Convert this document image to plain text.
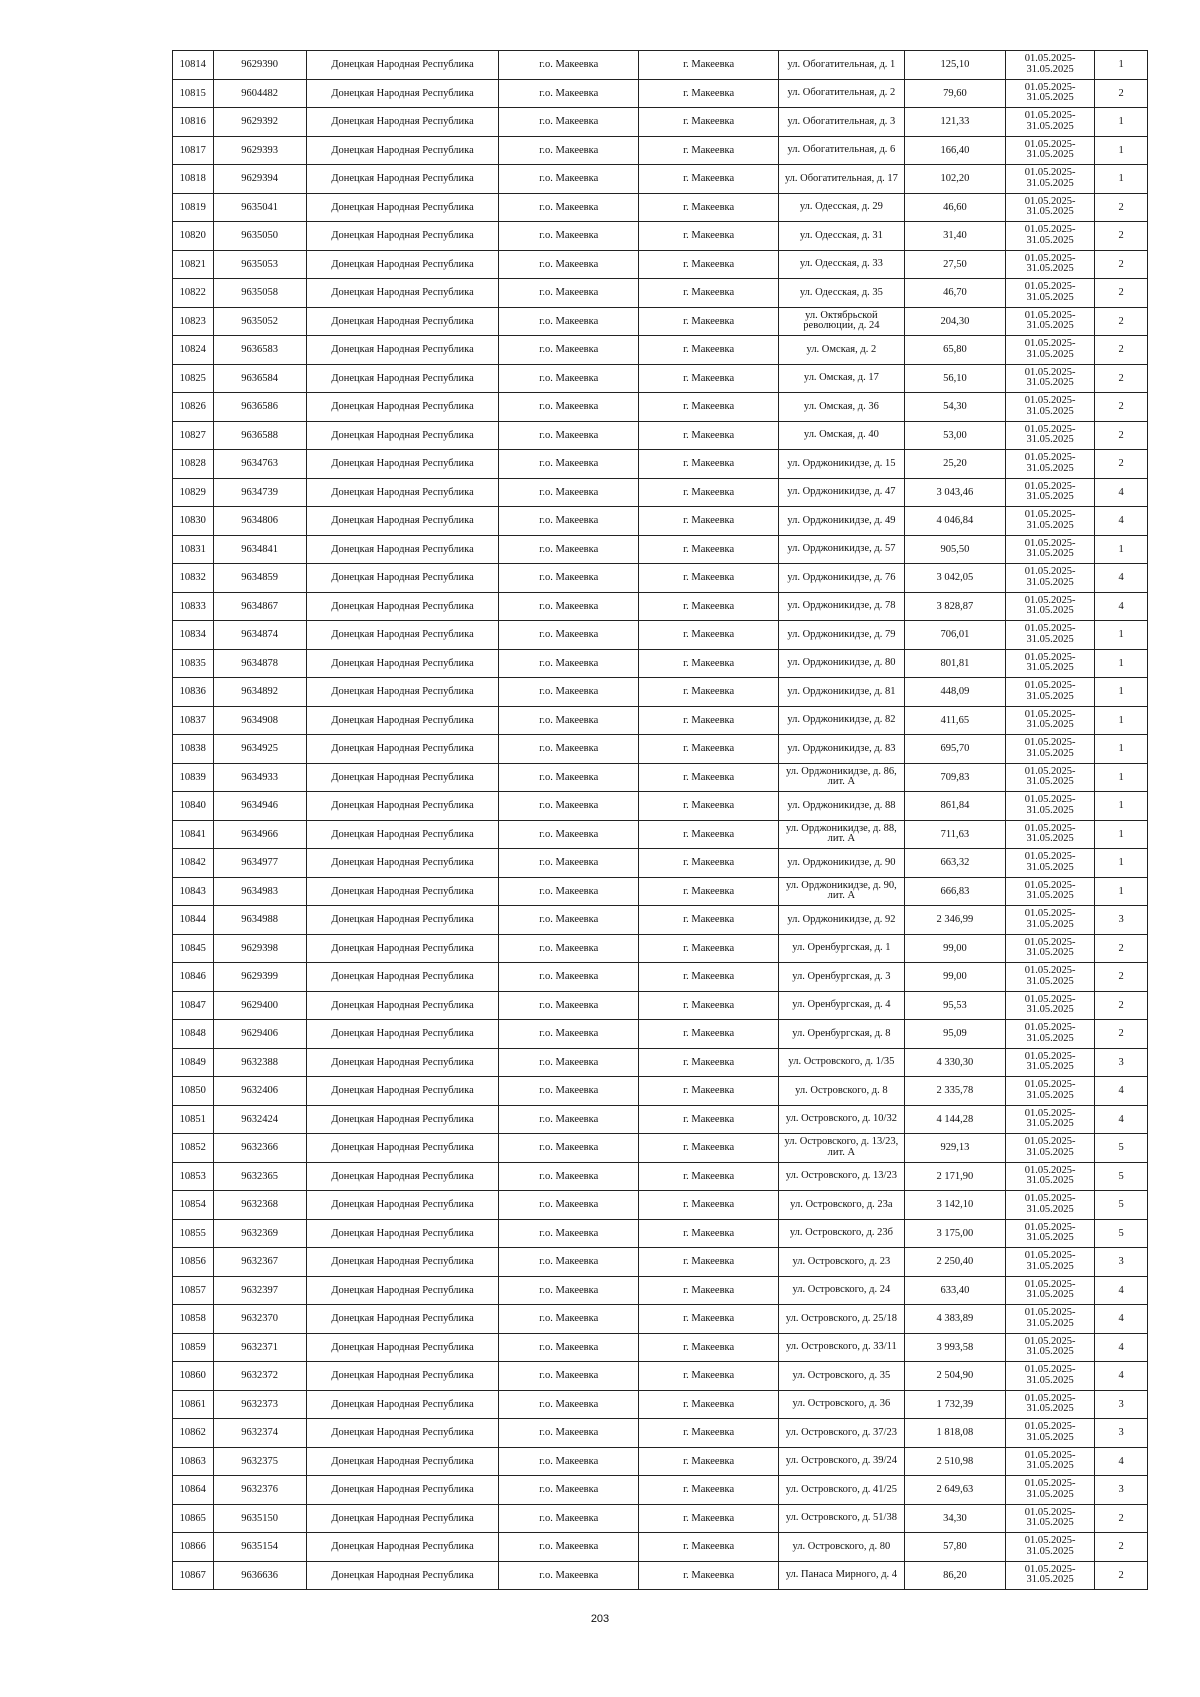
10814	9629390	Донецкая Народная Республика	г.о. Макеевка	г. Макеевка	ул. Обогатительная, д. 1	125,10	01.05.2025-31.05.2025	1
10815	9604482	Донецкая Народная Республика	г.о. Макеевка	г. Макеевка	ул. Обогатительная, д. 2	79,60	01.05.2025-31.05.2025	2
10816	9629392	Донецкая Народная Республика	г.о. Макеевка	г. Макеевка	ул. Обогатительная, д. 3	121,33	01.05.2025-31.05.2025	1
10817	9629393	Донецкая Народная Республика	г.о. Макеевка	г. Макеевка	ул. Обогатительная, д. 6	166,40	01.05.2025-31.05.2025	1
10818	9629394	Донецкая Народная Республика	г.о. Макеевка	г. Макеевка	ул. Обогатительная, д. 17	102,20	01.05.2025-31.05.2025	1
10819	9635041	Донецкая Народная Республика	г.о. Макеевка	г. Макеевка	ул. Одесская, д. 29	46,60	01.05.2025-31.05.2025	2
10820	9635050	Донецкая Народная Республика	г.о. Макеевка	г. Макеевка	ул. Одесская, д. 31	31,40	01.05.2025-31.05.2025	2
10821	9635053	Донецкая Народная Республика	г.о. Макеевка	г. Макеевка	ул. Одесская, д. 33	27,50	01.05.2025-31.05.2025	2
10822	9635058	Донецкая Народная Республика	г.о. Макеевка	г. Макеевка	ул. Одесская, д. 35	46,70	01.05.2025-31.05.2025	2
10823	9635052	Донецкая Народная Республика	г.о. Макеевка	г. Макеевка	ул. Октябрьской революции, д. 24	204,30	01.05.2025-31.05.2025	2
10824	9636583	Донецкая Народная Республика	г.о. Макеевка	г. Макеевка	ул. Омская, д. 2	65,80	01.05.2025-31.05.2025	2
10825	9636584	Донецкая Народная Республика	г.о. Макеевка	г. Макеевка	ул. Омская, д. 17	56,10	01.05.2025-31.05.2025	2
10826	9636586	Донецкая Народная Республика	г.о. Макеевка	г. Макеевка	ул. Омская, д. 36	54,30	01.05.2025-31.05.2025	2
10827	9636588	Донецкая Народная Республика	г.о. Макеевка	г. Макеевка	ул. Омская, д. 40	53,00	01.05.2025-31.05.2025	2
10828	9634763	Донецкая Народная Республика	г.о. Макеевка	г. Макеевка	ул. Орджоникидзе, д. 15	25,20	01.05.2025-31.05.2025	2
10829	9634739	Донецкая Народная Республика	г.о. Макеевка	г. Макеевка	ул. Орджоникидзе, д. 47	3 043,46	01.05.2025-31.05.2025	4
10830	9634806	Донецкая Народная Республика	г.о. Макеевка	г. Макеевка	ул. Орджоникидзе, д. 49	4 046,84	01.05.2025-31.05.2025	4
10831	9634841	Донецкая Народная Республика	г.о. Макеевка	г. Макеевка	ул. Орджоникидзе, д. 57	905,50	01.05.2025-31.05.2025	1
10832	9634859	Донецкая Народная Республика	г.о. Макеевка	г. Макеевка	ул. Орджоникидзе, д. 76	3 042,05	01.05.2025-31.05.2025	4
10833	9634867	Донецкая Народная Республика	г.о. Макеевка	г. Макеевка	ул. Орджоникидзе, д. 78	3 828,87	01.05.2025-31.05.2025	4
10834	9634874	Донецкая Народная Республика	г.о. Макеевка	г. Макеевка	ул. Орджоникидзе, д. 79	706,01	01.05.2025-31.05.2025	1
10835	9634878	Донецкая Народная Республика	г.о. Макеевка	г. Макеевка	ул. Орджоникидзе, д. 80	801,81	01.05.2025-31.05.2025	1
10836	9634892	Донецкая Народная Республика	г.о. Макеевка	г. Макеевка	ул. Орджоникидзе, д. 81	448,09	01.05.2025-31.05.2025	1
10837	9634908	Донецкая Народная Республика	г.о. Макеевка	г. Макеевка	ул. Орджоникидзе, д. 82	411,65	01.05.2025-31.05.2025	1
10838	9634925	Донецкая Народная Республика	г.о. Макеевка	г. Макеевка	ул. Орджоникидзе, д. 83	695,70	01.05.2025-31.05.2025	1
10839	9634933	Донецкая Народная Республика	г.о. Макеевка	г. Макеевка	ул. Орджоникидзе, д. 86, лит. А	709,83	01.05.2025-31.05.2025	1
10840	9634946	Донецкая Народная Республика	г.о. Макеевка	г. Макеевка	ул. Орджоникидзе, д. 88	861,84	01.05.2025-31.05.2025	1
10841	9634966	Донецкая Народная Республика	г.о. Макеевка	г. Макеевка	ул. Орджоникидзе, д. 88, лит. А	711,63	01.05.2025-31.05.2025	1
10842	9634977	Донецкая Народная Республика	г.о. Макеевка	г. Макеевка	ул. Орджоникидзе, д. 90	663,32	01.05.2025-31.05.2025	1
10843	9634983	Донецкая Народная Республика	г.о. Макеевка	г. Макеевка	ул. Орджоникидзе, д. 90, лит. А	666,83	01.05.2025-31.05.2025	1
10844	9634988	Донецкая Народная Республика	г.о. Макеевка	г. Макеевка	ул. Орджоникидзе, д. 92	2 346,99	01.05.2025-31.05.2025	3
10845	9629398	Донецкая Народная Республика	г.о. Макеевка	г. Макеевка	ул. Оренбургская, д. 1	99,00	01.05.2025-31.05.2025	2
10846	9629399	Донецкая Народная Республика	г.о. Макеевка	г. Макеевка	ул. Оренбургская, д. 3	99,00	01.05.2025-31.05.2025	2
10847	9629400	Донецкая Народная Республика	г.о. Макеевка	г. Макеевка	ул. Оренбургская, д. 4	95,53	01.05.2025-31.05.2025	2
10848	9629406	Донецкая Народная Республика	г.о. Макеевка	г. Макеевка	ул. Оренбургская, д. 8	95,09	01.05.2025-31.05.2025	2
10849	9632388	Донецкая Народная Республика	г.о. Макеевка	г. Макеевка	ул. Островского, д. 1/35	4 330,30	01.05.2025-31.05.2025	3
10850	9632406	Донецкая Народная Республика	г.о. Макеевка	г. Макеевка	ул. Островского, д. 8	2 335,78	01.05.2025-31.05.2025	4
10851	9632424	Донецкая Народная Республика	г.о. Макеевка	г. Макеевка	ул. Островского, д. 10/32	4 144,28	01.05.2025-31.05.2025	4
10852	9632366	Донецкая Народная Республика	г.о. Макеевка	г. Макеевка	ул. Островского, д. 13/23, лит. А	929,13	01.05.2025-31.05.2025	5
10853	9632365	Донецкая Народная Республика	г.о. Макеевка	г. Макеевка	ул. Островского, д. 13/23	2 171,90	01.05.2025-31.05.2025	5
10854	9632368	Донецкая Народная Республика	г.о. Макеевка	г. Макеевка	ул. Островского, д. 23а	3 142,10	01.05.2025-31.05.2025	5
10855	9632369	Донецкая Народная Республика	г.о. Макеевка	г. Макеевка	ул. Островского, д. 23б	3 175,00	01.05.2025-31.05.2025	5
10856	9632367	Донецкая Народная Республика	г.о. Макеевка	г. Макеевка	ул. Островского, д. 23	2 250,40	01.05.2025-31.05.2025	3
10857	9632397	Донецкая Народная Республика	г.о. Макеевка	г. Макеевка	ул. Островского, д. 24	633,40	01.05.2025-31.05.2025	4
10858	9632370	Донецкая Народная Республика	г.о. Макеевка	г. Макеевка	ул. Островского, д. 25/18	4 383,89	01.05.2025-31.05.2025	4
10859	9632371	Донецкая Народная Республика	г.о. Макеевка	г. Макеевка	ул. Островского, д. 33/11	3 993,58	01.05.2025-31.05.2025	4
10860	9632372	Донецкая Народная Республика	г.о. Макеевка	г. Макеевка	ул. Островского, д. 35	2 504,90	01.05.2025-31.05.2025	4
10861	9632373	Донецкая Народная Республика	г.о. Макеевка	г. Макеевка	ул. Островского, д. 36	1 732,39	01.05.2025-31.05.2025	3
10862	9632374	Донецкая Народная Республика	г.о. Макеевка	г. Макеевка	ул. Островского, д. 37/23	1 818,08	01.05.2025-31.05.2025	3
10863	9632375	Донецкая Народная Республика	г.о. Макеевка	г. Макеевка	ул. Островского, д. 39/24	2 510,98	01.05.2025-31.05.2025	4
10864	9632376	Донецкая Народная Республика	г.о. Макеевка	г. Макеевка	ул. Островского, д. 41/25	2 649,63	01.05.2025-31.05.2025	3
10865	9635150	Донецкая Народная Республика	г.о. Макеевка	г. Макеевка	ул. Островского, д. 51/38	34,30	01.05.2025-31.05.2025	2
10866	9635154	Донецкая Народная Республика	г.о. Макеевка	г. Макеевка	ул. Островского, д. 80	57,80	01.05.2025-31.05.2025	2
10867	9636636	Донецкая Народная Республика	г.о. Макеевка	г. Макеевка	ул. Панаса Мирного, д. 4	86,20	01.05.2025-31.05.2025	2
203
